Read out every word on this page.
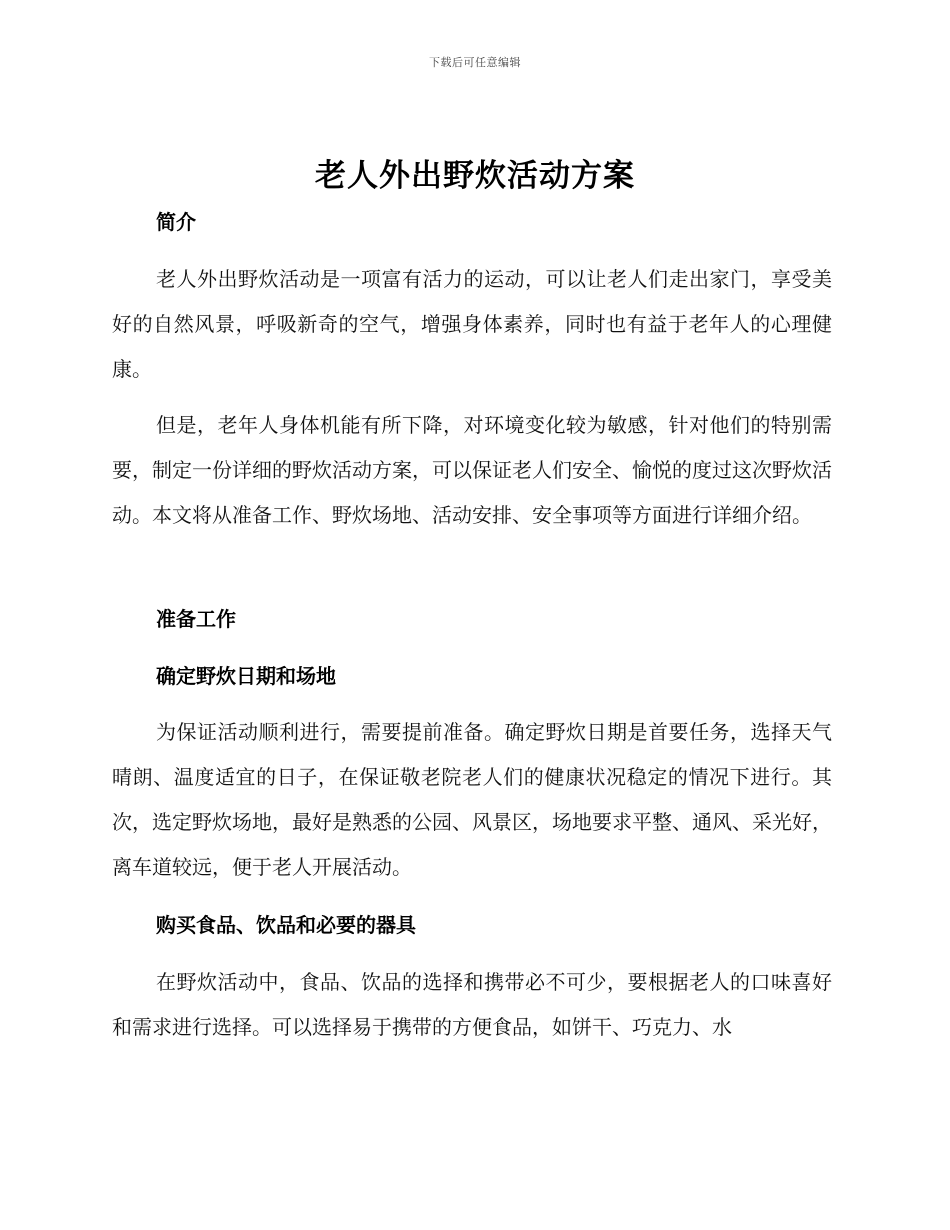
下载后可任意编辑
老人外出野炊活动方案
简介

老人外出野炊活动是一项富有活力的运动，可以让老人们走出家门，享受美好的自然风景，呼吸新奇的空气，增强身体素养，同时也有益于老年人的心理健康。

但是，老年人身体机能有所下降，对环境变化较为敏感，针对他们的特别需要，制定一份详细的野炊活动方案，可以保证老人们安全、愉悦的度过这次野炊活动。本文将从准备工作、野炊场地、活动安排、安全事项等方面进行详细介绍。

准备工作
确定野炊日期和场地

为保证活动顺利进行，需要提前准备。确定野炊日期是首要任务，选择天气晴朗、温度适宜的日子，在保证敬老院老人们的健康状况稳定的情况下进行。其次，选定野炊场地，最好是熟悉的公园、风景区，场地要求平整、通风、采光好，离车道较远，便于老人开展活动。

购买食品、饮品和必要的器具

在野炊活动中，食品、饮品的选择和携带必不可少，要根据老人的口味喜好和需求进行选择。可以选择易于携带的方便食品，如饼干、巧克力、水
